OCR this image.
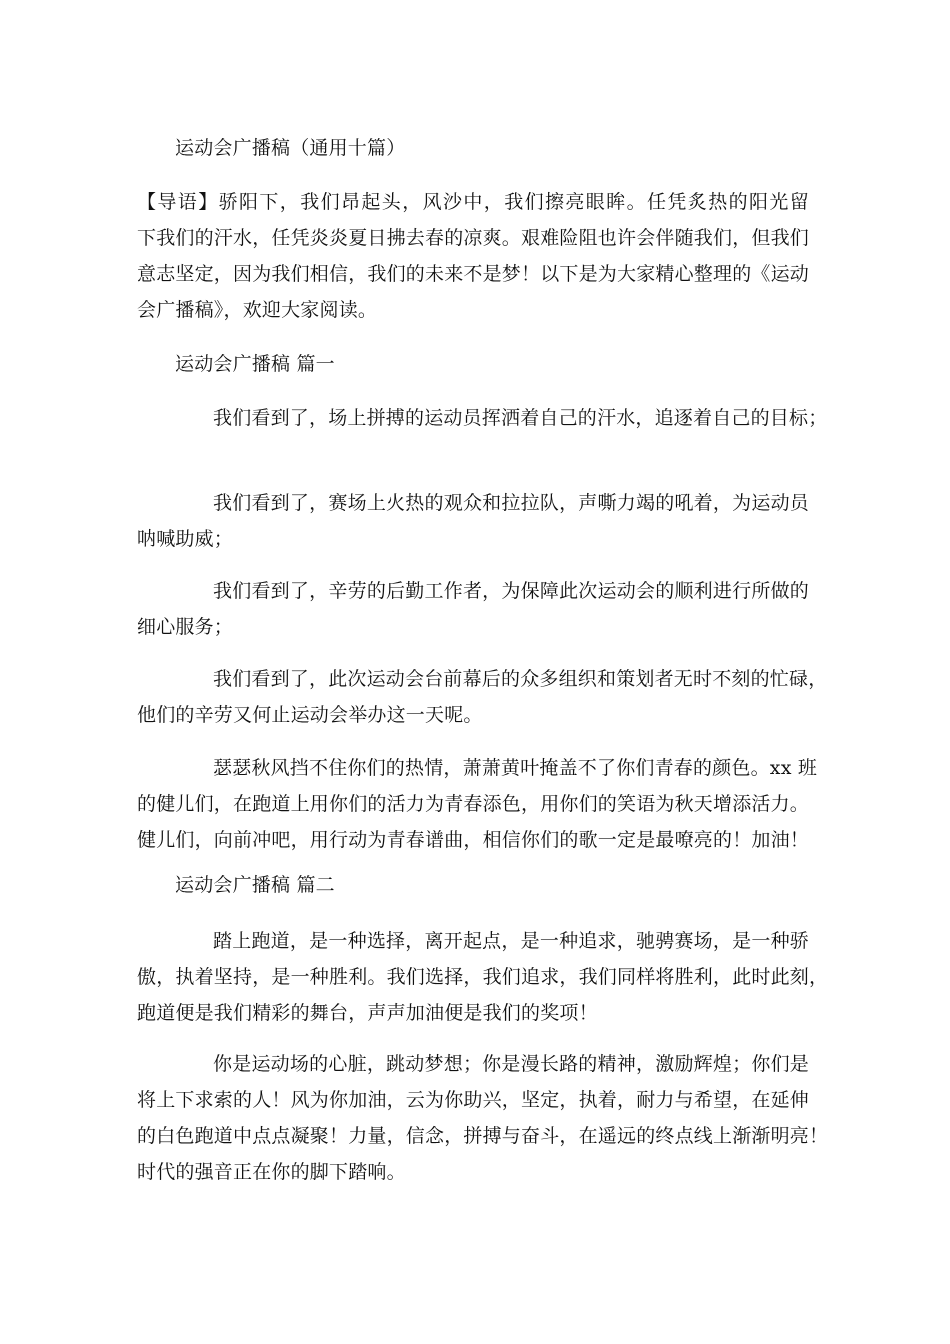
运动会广播稿（通用十篇）
【导语】骄阳下，我们昂起头，风沙中，我们擦亮眼眸。任凭炙热的阳光留
下我们的汗水，任凭炎炎夏日拂去春的凉爽。艰难险阻也许会伴随我们，但我们
意志坚定，因为我们相信，我们的未来不是梦！以下是为大家精心整理的《运动
会广播稿》，欢迎大家阅读。
运动会广播稿 篇一
我们看到了，场上拼搏的运动员挥洒着自己的汗水，追逐着自己的目标；
我们看到了，赛场上火热的观众和拉拉队，声嘶力竭的吼着，为运动员
呐喊助威；
我们看到了，辛劳的后勤工作者，为保障此次运动会的顺利进行所做的
细心服务；
我们看到了，此次运动会台前幕后的众多组织和策划者无时不刻的忙碌，
他们的辛劳又何止运动会举办这一天呢。
瑟瑟秋风挡不住你们的热情，萧萧黄叶掩盖不了你们青春的颜色。xx 班
的健儿们，在跑道上用你们的活力为青春添色，用你们的笑语为秋天增添活力。
健儿们，向前冲吧，用行动为青春谱曲，相信你们的歌一定是最嘹亮的！加油！
运动会广播稿 篇二
踏上跑道，是一种选择，离开起点，是一种追求，驰骋赛场，是一种骄
傲，执着坚持，是一种胜利。我们选择，我们追求，我们同样将胜利，此时此刻，
跑道便是我们精彩的舞台，声声加油便是我们的奖项！
你是运动场的心脏，跳动梦想；你是漫长路的精神，激励辉煌；你们是
将上下求索的人！风为你加油，云为你助兴，坚定，执着，耐力与希望，在延伸
的白色跑道中点点凝聚！力量，信念，拼搏与奋斗，在遥远的终点线上渐渐明亮！
时代的强音正在你的脚下踏响。
